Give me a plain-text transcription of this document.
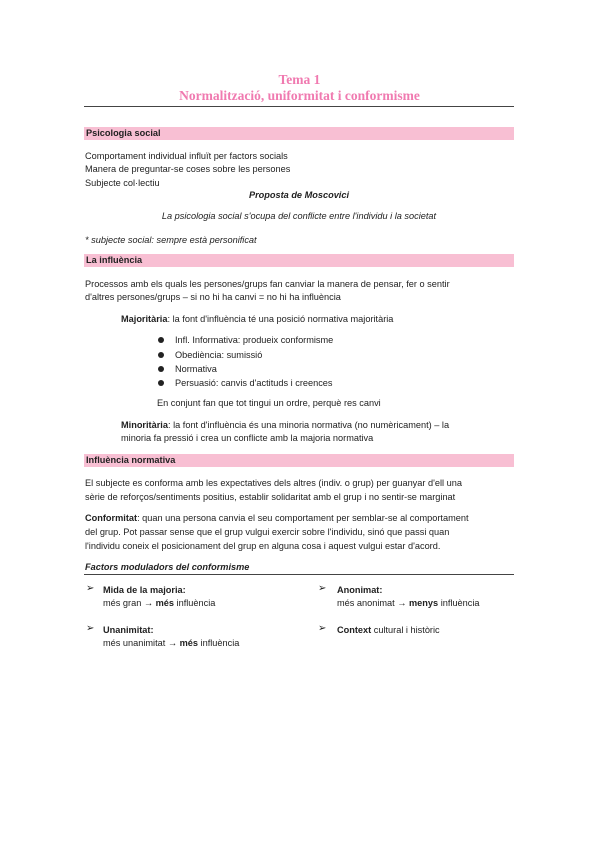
Tema 1
Normalització, uniformitat i conformisme
Psicologia social
Comportament individual influït per factors socials
Manera de preguntar-se coses sobre les persones
Subjecte col·lectiu
Proposta de Moscovici
La psicologia social s'ocupa del conflicte entre l'individu i la societat
* subjecte social: sempre està personificat
La influència
Processos amb els quals les persones/grups fan canviar la manera de pensar, fer o sentir
d'altres persones/grups – si no hi ha canvi = no hi ha influència
Majoritària: la font d'influència té una posició normativa majoritària
Infl. Informativa: produeix conformisme
Obediència: sumissió
Normativa
Persuasió: canvis d'actituds i creences
En conjunt fan que tot tingui un ordre, perquè res canvi
Minoritària: la font d'influència és una minoria normativa (no numèricament) – la
minoria fa pressió i crea un conflicte amb la majoria normativa
Influència normativa
El subjecte es conforma amb les expectatives dels altres (indiv. o grup) per guanyar d'ell una
sèrie de reforços/sentiments positius, establir solidaritat amb el grup i no sentir-se marginat
Conformitat: quan una persona canvia el seu comportament per semblar-se al comportament
del grup. Pot passar sense que el grup vulgui exercir sobre l'individu, sinó que passi quan
l'individu coneix el posicionament del grup en alguna cosa i aquest vulgui estar d'acord.
Factors moduladors del conformisme
➢ Mida de la majoria:
més gran → més influència
➢ Anonimat:
més anonimat → menys influència
➢ Unanimitat:
més unanimitat → més influència
➢ Context cultural i històric
